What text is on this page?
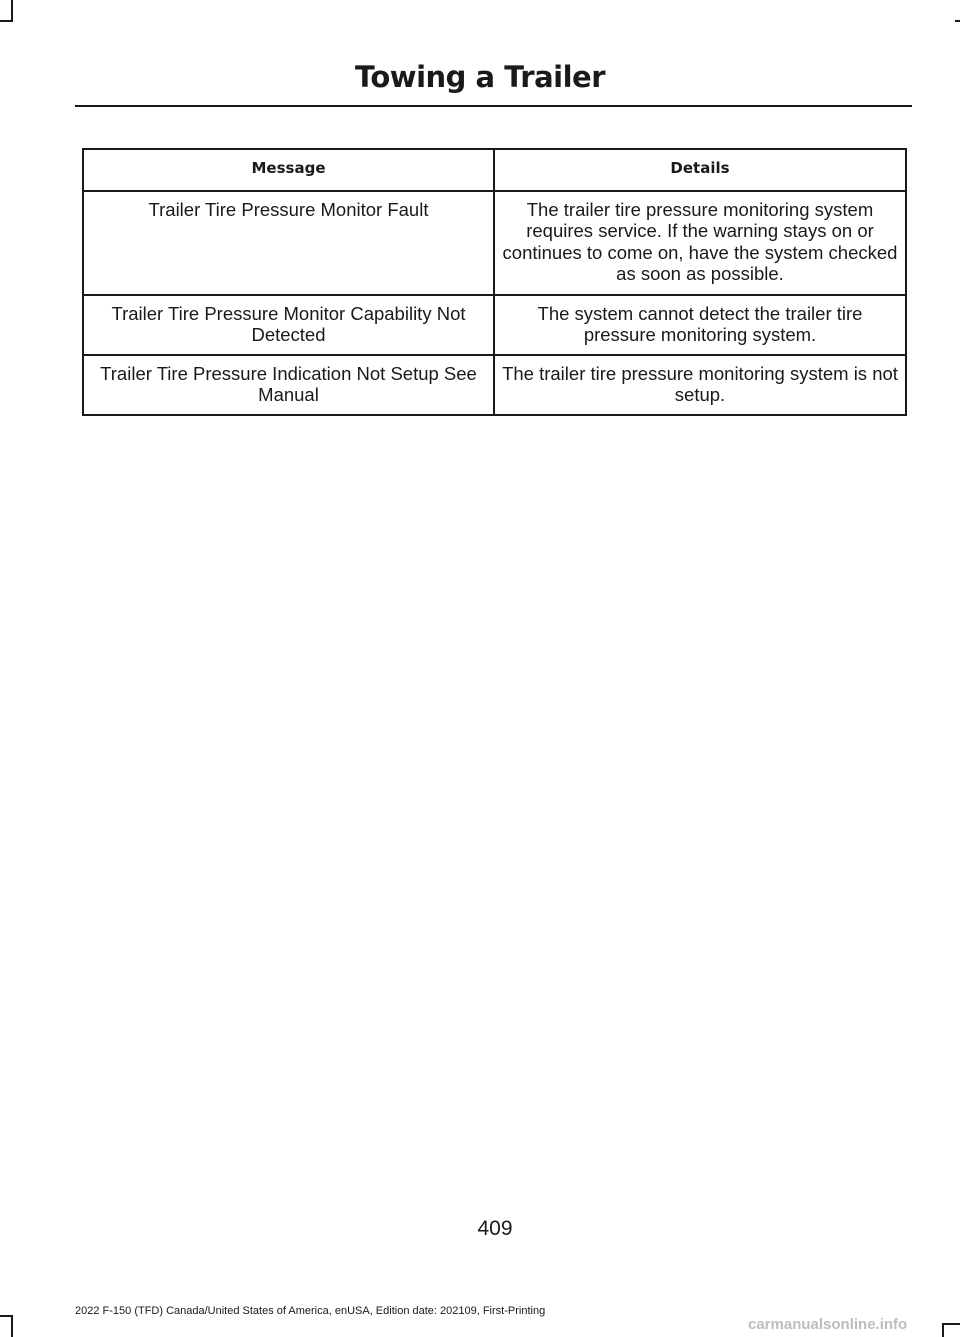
Towing a Trailer
Message	Details
Trailer Tire Pressure Monitor Fault	The trailer tire pressure monitoring system requires service. If the warning stays on or continues to come on, have the system checked as soon as possible.
Trailer Tire Pressure Monitor Capability Not Detected	The system cannot detect the trailer tire pressure monitoring system.
Trailer Tire Pressure Indication Not Setup See Manual	The trailer tire pressure monitoring system is not setup.
409
2022 F-150 (TFD) Canada/United States of America, enUSA, Edition date: 202109, First-Printing
carmanualsonline.info
